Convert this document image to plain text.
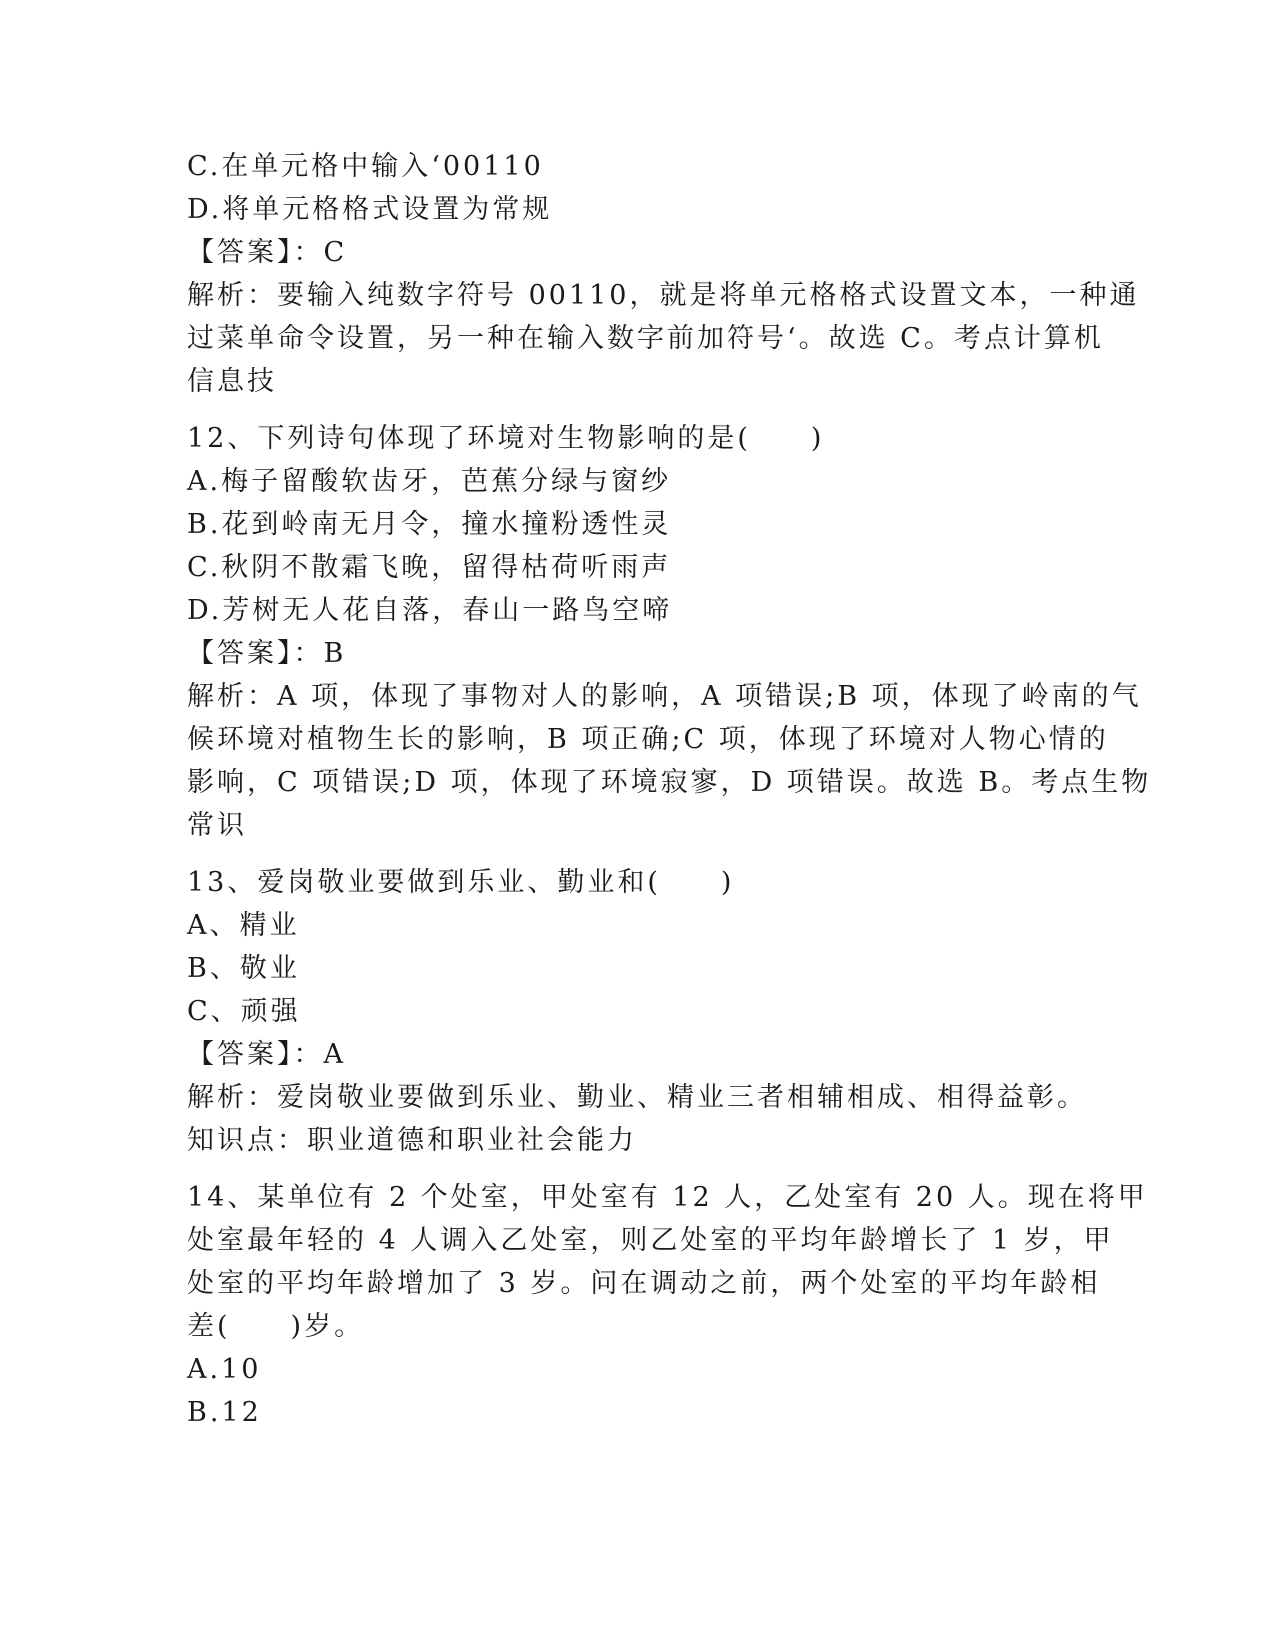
C.在单元格中输入‘00110
D.将单元格格式设置为常规
【答案】：C
解析：要输入纯数字符号 00110，就是将单元格格式设置文本，一种通
过菜单命令设置，另一种在输入数字前加符号‘。故选 C。考点计算机
信息技
12、下列诗句体现了环境对生物影响的是(　　)
A.梅子留酸软齿牙，芭蕉分绿与窗纱
B.花到岭南无月令，撞水撞粉透性灵
C.秋阴不散霜飞晚，留得枯荷听雨声
D.芳树无人花自落，春山一路鸟空啼
【答案】：B
解析：A 项，体现了事物对人的影响，A 项错误;B 项，体现了岭南的气
候环境对植物生长的影响，B 项正确;C 项，体现了环境对人物心情的
影响，C 项错误;D 项，体现了环境寂寥，D 项错误。故选 B。考点生物
常识
13、爱岗敬业要做到乐业、勤业和(　　)
A、精业
B、敬业
C、顽强
【答案】：A
解析：爱岗敬业要做到乐业、勤业、精业三者相辅相成、相得益彰。
知识点：职业道德和职业社会能力
14、某单位有 2 个处室，甲处室有 12 人，乙处室有 20 人。现在将甲
处室最年轻的 4 人调入乙处室，则乙处室的平均年龄增长了 1 岁，甲
处室的平均年龄增加了 3 岁。问在调动之前，两个处室的平均年龄相
差(　　)岁。
A.10
B.12
